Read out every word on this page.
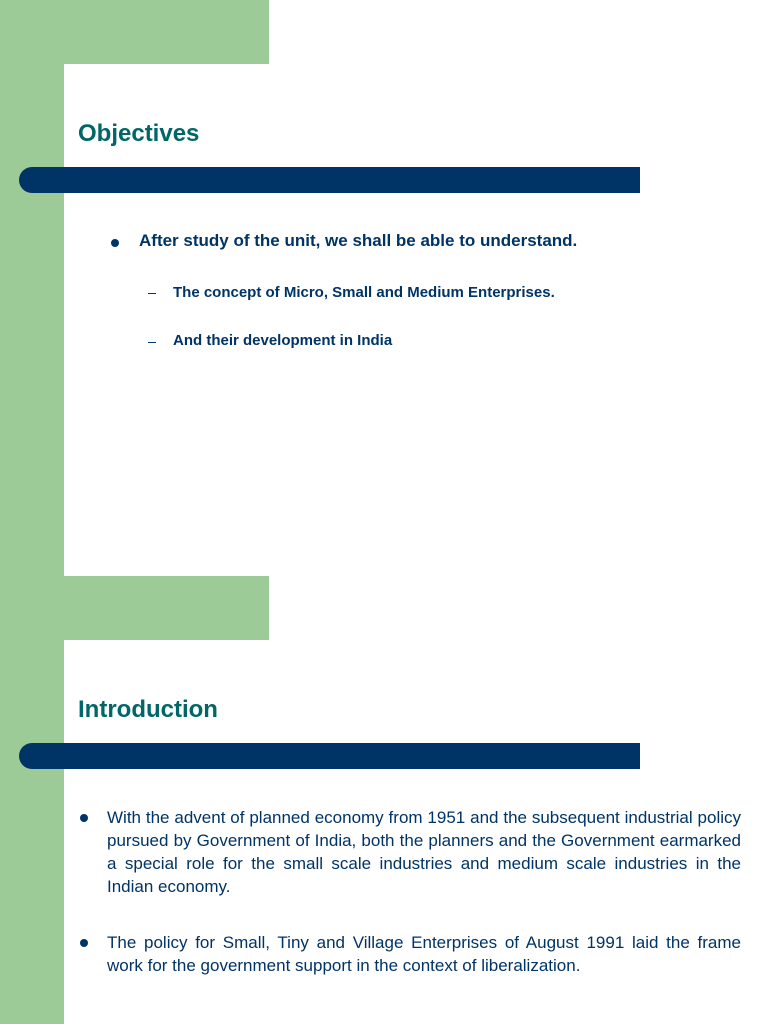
Objectives
After study of the unit, we shall be able to understand.
The concept of Micro, Small and Medium Enterprises.
And their development in India
Introduction
With the advent of planned economy from 1951 and the subsequent industrial policy pursued by Government of India, both the planners and the Government earmarked a special role for the small scale industries and medium scale industries in the Indian economy.
The policy for Small, Tiny and Village Enterprises of August 1991 laid the frame work for the government support in the context of liberalization.
